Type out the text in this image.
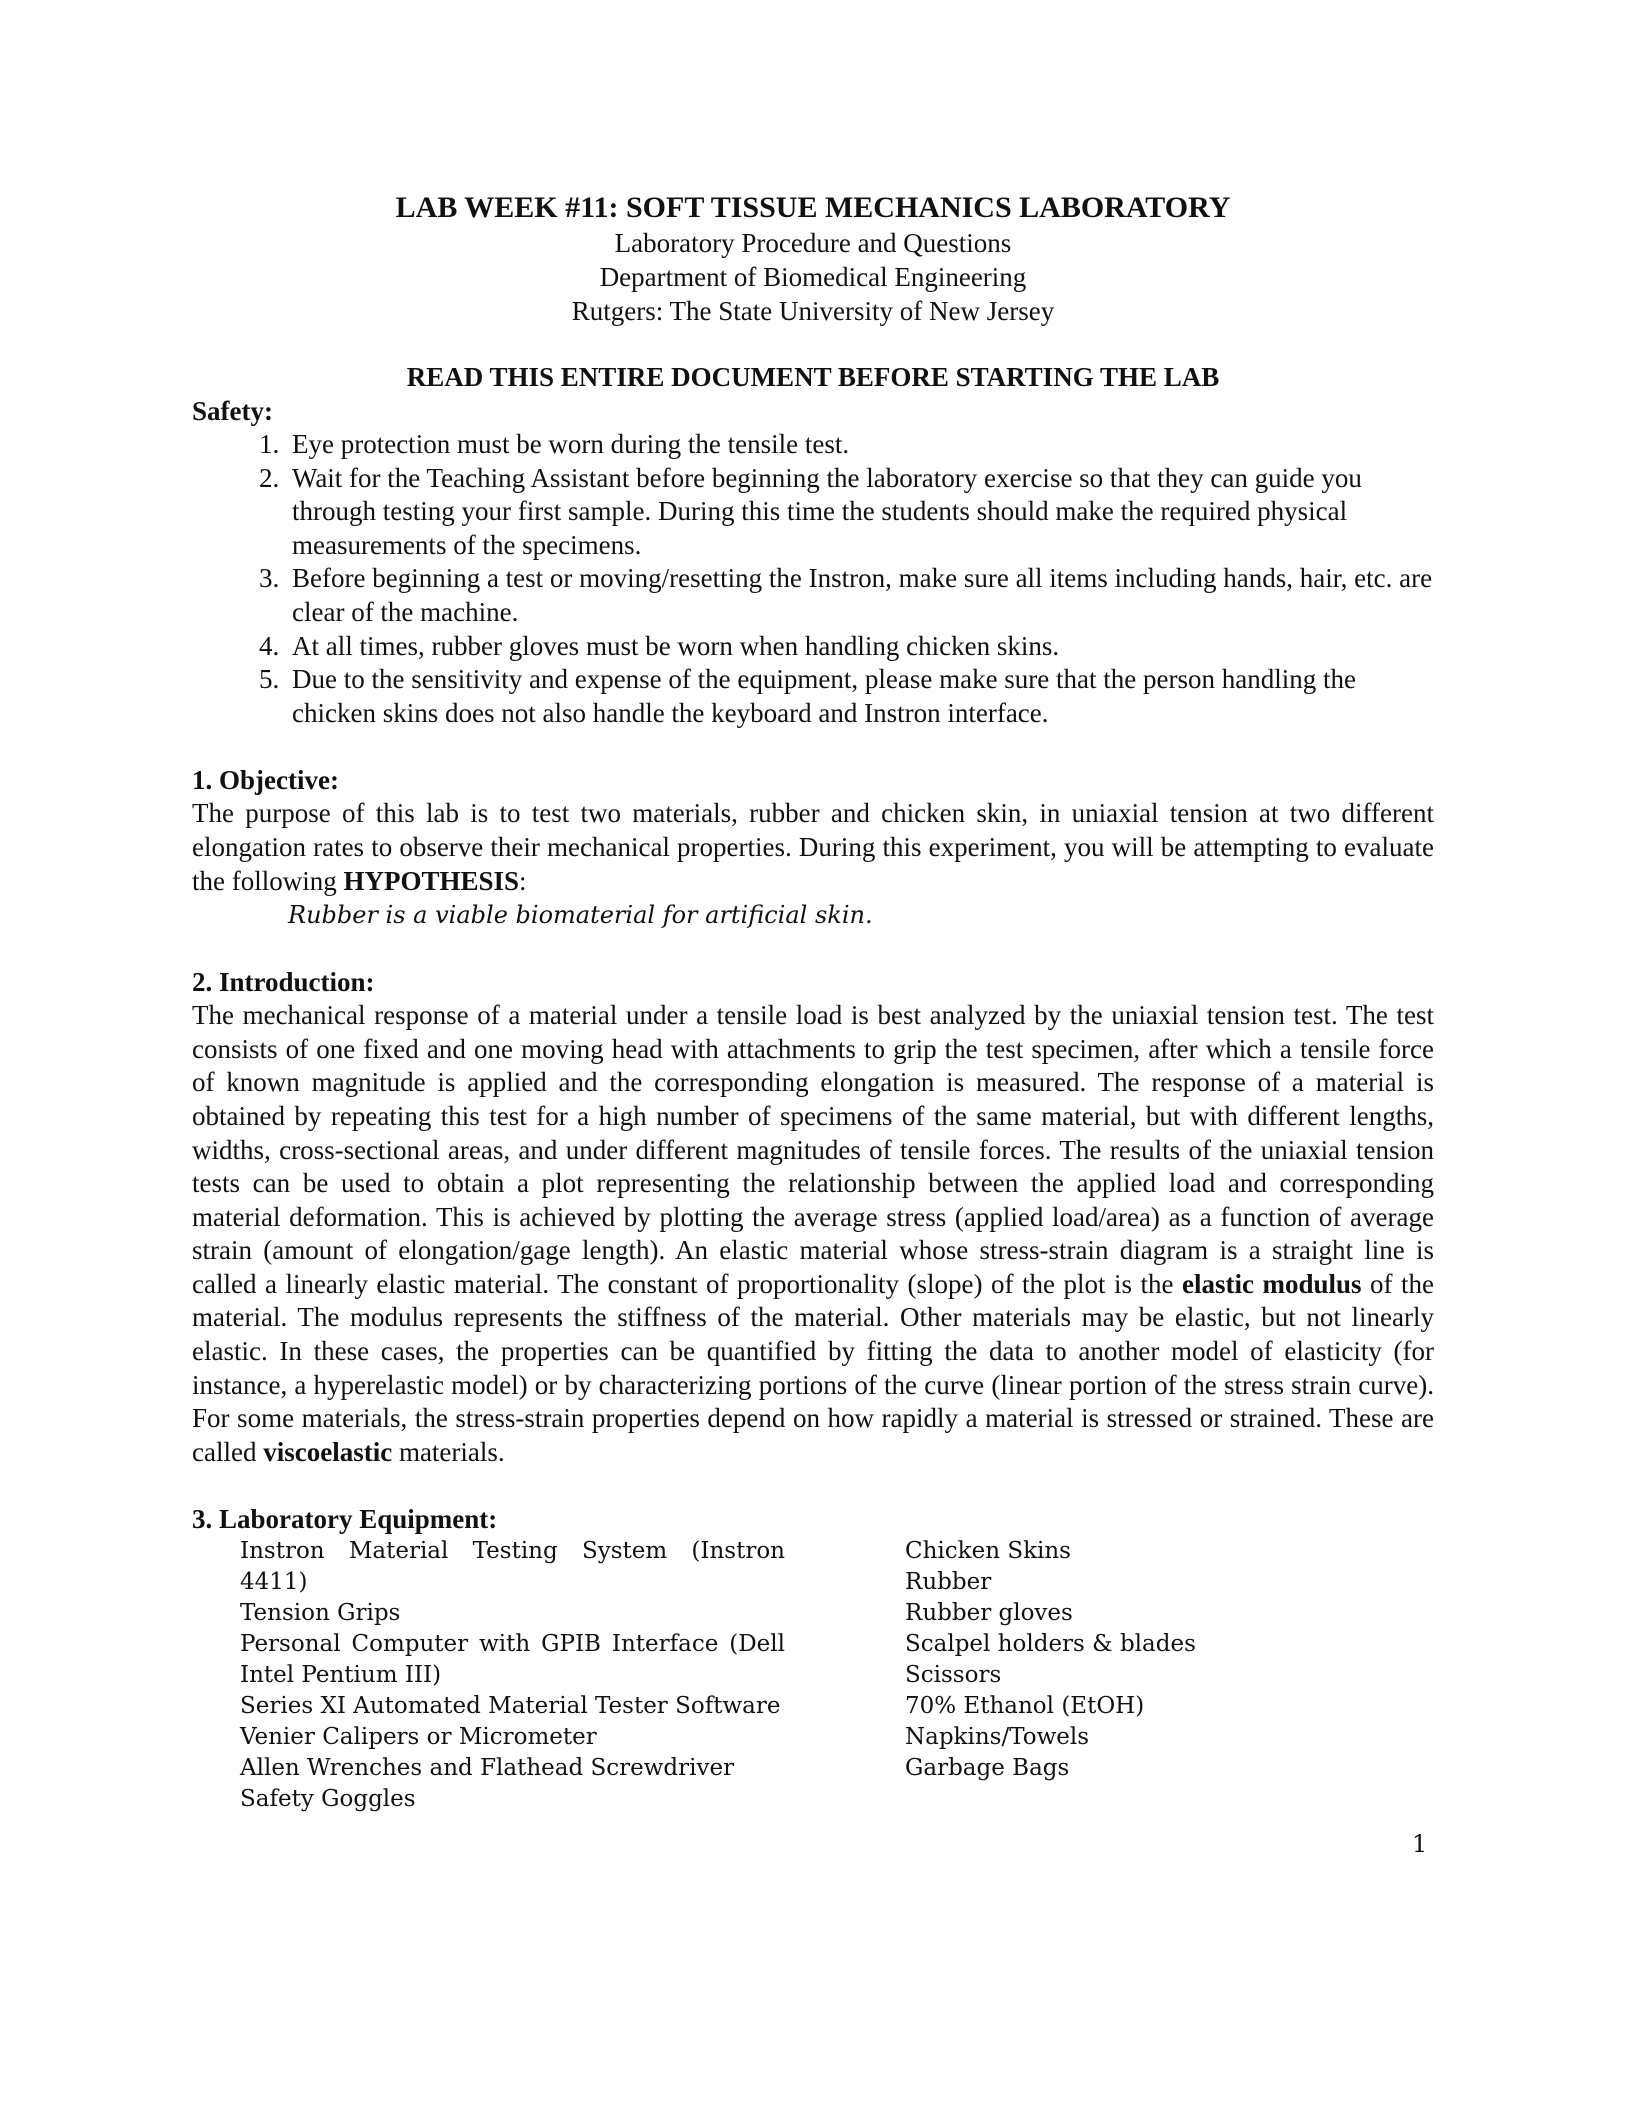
LAB WEEK #11: SOFT TISSUE MECHANICS LABORATORY

Laboratory Procedure and Questions

Department of Biomedical Engineering

Rutgers: The State University of New Jersey

READ THIS ENTIRE DOCUMENT BEFORE STARTING THE LAB

Safety:

1. Eye protection must be worn during the tensile test.
2. Wait for the Teaching Assistant before beginning the laboratory exercise so that they can guide you through testing your first sample. During this time the students should make the required physical measurements of the specimens.
3. Before beginning a test or moving/resetting the Instron, make sure all items including hands, hair, etc. are clear of the machine.
4. At all times, rubber gloves must be worn when handling chicken skins.
5. Due to the sensitivity and expense of the equipment, please make sure that the person handling the chicken skins does not also handle the keyboard and Instron interface.

1. Objective:

The purpose of this lab is to test two materials, rubber and chicken skin, in uniaxial tension at two different elongation rates to observe their mechanical properties. During this experiment, you will be attempting to evaluate the following HYPOTHESIS:

Rubber is a viable biomaterial for artificial skin.

2. Introduction:

The mechanical response of a material under a tensile load is best analyzed by the uniaxial tension test. The test consists of one fixed and one moving head with attachments to grip the test specimen, after which a tensile force of known magnitude is applied and the corresponding elongation is measured. The response of a material is obtained by repeating this test for a high number of specimens of the same material, but with different lengths, widths, cross-sectional areas, and under different magnitudes of tensile forces. The results of the uniaxial tension tests can be used to obtain a plot representing the relationship between the applied load and corresponding material deformation. This is achieved by plotting the average stress (applied load/area) as a function of average strain (amount of elongation/gage length). An elastic material whose stress-strain diagram is a straight line is called a linearly elastic material. The constant of proportionality (slope) of the plot is the elastic modulus of the material. The modulus represents the stiffness of the material. Other materials may be elastic, but not linearly elastic. In these cases, the properties can be quantified by fitting the data to another model of elasticity (for instance, a hyperelastic model) or by characterizing portions of the curve (linear portion of the stress strain curve). For some materials, the stress-strain properties depend on how rapidly a material is stressed or strained. These are called viscoelastic materials.

3. Laboratory Equipment:

Instron Material Testing System (Instron 4411)

Tension Grips

Personal Computer with GPIB Interface (Dell Intel Pentium III)

Series XI Automated Material Tester Software

Venier Calipers or Micrometer

Allen Wrenches and Flathead Screwdriver

Safety Goggles

Chicken Skins

Rubber

Rubber gloves

Scalpel holders & blades

Scissors

70% Ethanol (EtOH)

Napkins/Towels

Garbage Bags

1
